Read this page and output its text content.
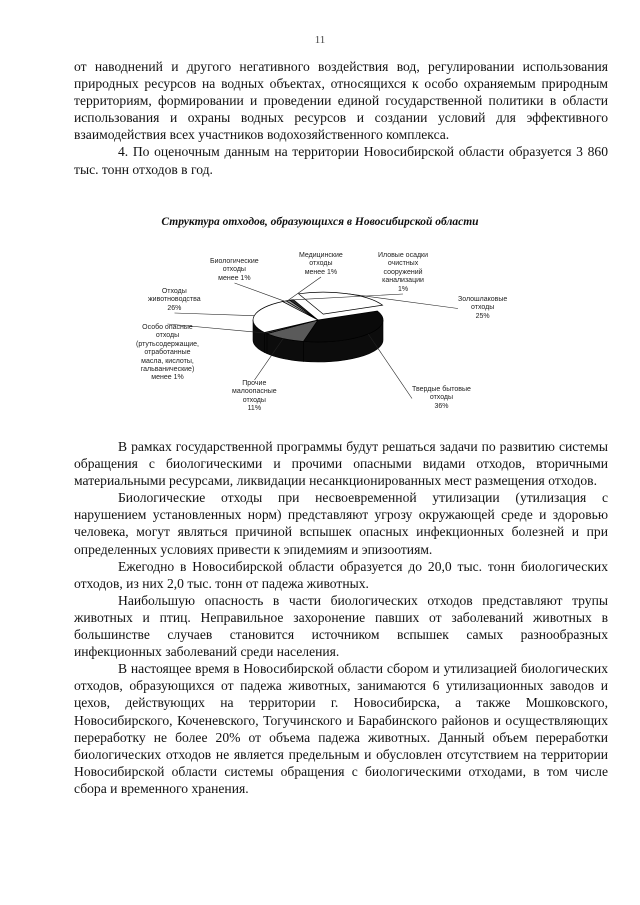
11

от наводнений и другого негативного воздействия вод, регулировании использования природных ресурсов на водных объектах, относящихся к особо охраняемым природным территориям, формировании и проведении единой государственной политики в области использования и охраны водных ресурсов и создании условий для эффективного взаимодействия всех участников водохозяйственного комплекса.

4. По оценочным данным на территории Новосибирской области образуется 3 860 тыс. тонн отходов в год.

Структура отходов, образующихся в Новосибирской области
Твердые бытовые
отходы
36%
Прочие
малоопасные
отходы
11%
Особо опасные
отходы
(ртутьсодержащие,
отработанные
масла, кислоты,
гальванические)
менее 1%
Отходы
животноводства
26%
Биологические
отходы
менее 1%
Медицинские
отходы
менее 1%
Иловые осадки
очистных
сооружений
канализации
1%
Золошлаковые
отходы
25%

В рамках государственной программы будут решаться задачи по развитию системы обращения с биологическими и прочими опасными видами отходов, вторичными материальными ресурсами, ликвидации несанкционированных мест размещения отходов.

Биологические отходы при несвоевременной утилизации (утилизация с нарушением установленных норм) представляют угрозу окружающей среде и здоровью человека, могут являться причиной вспышек опасных инфекционных болезней и при определенных условиях привести к эпидемиям и эпизоотиям.

Ежегодно в Новосибирской области образуется до 20,0 тыс. тонн биологических отходов, из них 2,0 тыс. тонн от падежа животных.

Наибольшую опасность в части биологических отходов представляют трупы животных и птиц. Неправильное захоронение павших от заболеваний животных в большинстве случаев становится источником вспышек самых разнообразных инфекционных заболеваний среди населения.

В настоящее время в Новосибирской области сбором и утилизацией биологических отходов, образующихся от падежа животных, занимаются 6 утилизационных заводов и цехов, действующих на территории г. Новосибирска, а также Мошковского, Новосибирского, Коченевского, Тогучинского и Барабинского районов и осуществляющих переработку не более 20% от объема падежа животных. Данный объем переработки биологических отходов не является предельным и обусловлен отсутствием на территории Новосибирской области системы обращения с биологическими отходами, в том числе сбора и временного хранения.
